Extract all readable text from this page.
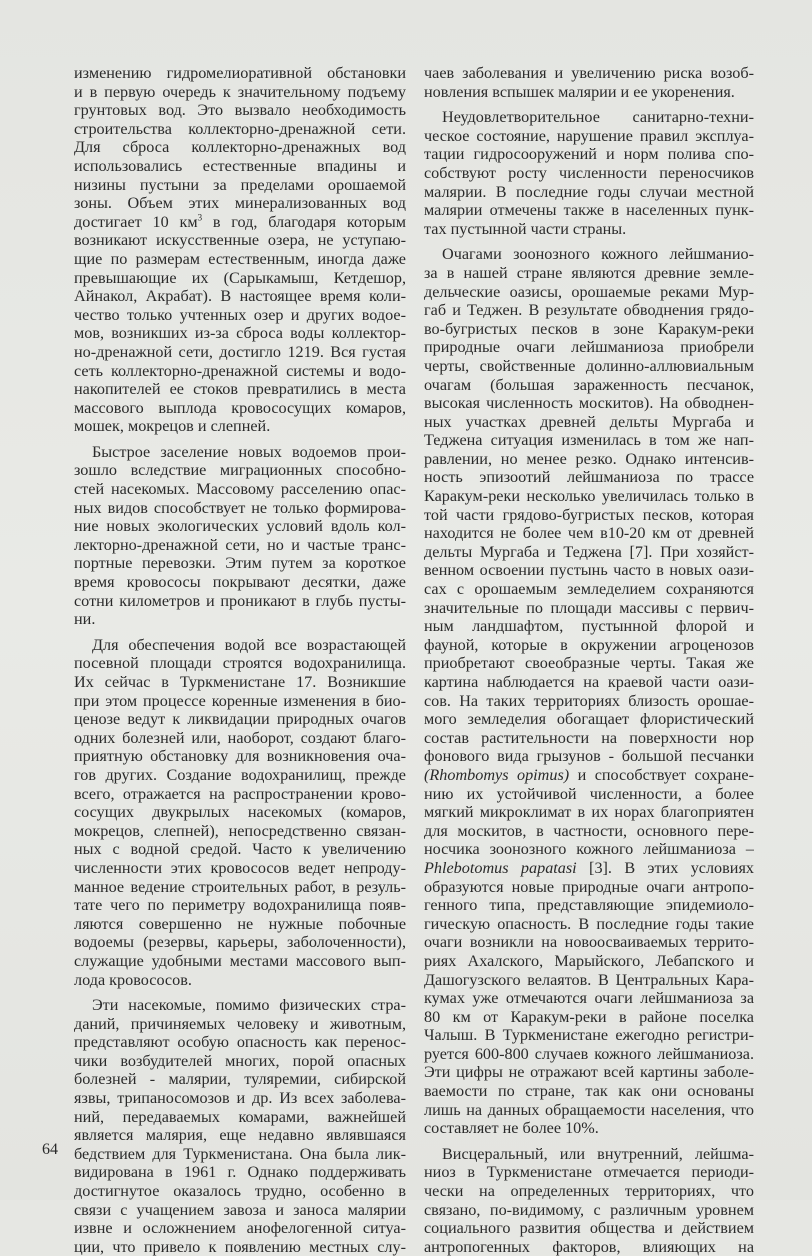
изменению гидромелиоративной обстановки
и в первую очередь к значительному подъему
грунтовых вод. Это вызвало необходимость
строительства коллекторно-дренажной сети.
Для сброса коллекторно-дренажных вод
использовались естественные впадины и
низины пустыни за пределами орошаемой
зоны. Объем этих минерализованных вод
достигает 10 $км^3$ в год, благодаря которым
возникают искусственные озера, не уступаю-
щие по размерам естественным, иногда даже
превышающие их (Сарыкамыш, Кетдешор,
Айнакол, Акрабат). В настоящее время коли-
чество только учтенных озер и других водое-
мов, возникших из-за сброса воды коллектор-
но-дренажной сети, достигло 1219. Вся густая
сеть коллекторно-дренажной системы и водо-
накопителей ее стоков превратились в места
массового выплода кровососущих комаров,
мошек, мокрецов и слепней.
Быстрое заселение новых водоемов прои-
зошло вследствие миграционных способно-
стей насекомых. Массовому расселению опас-
ных видов способствует не только формирова-
ние новых экологических условий вдоль кол-
лекторно-дренажной сети, но и частые транс-
портные перевозки. Этим путем за короткое
время кровососы покрывают десятки, даже
сотни километров и проникают в глубь пусты-
ни.
Для обеспечения водой все возрастающей
посевной площади строятся водохранилища.
Их сейчас в Туркменистане 17. Возникшие
при этом процессе коренные изменения в био-
ценозе ведут к ликвидации природных очагов
одних болезней или, наоборот, создают благо-
приятную обстановку для возникновения оча-
гов других. Создание водохранилищ, прежде
всего, отражается на распространении крово-
сосущих двукрылых насекомых (комаров,
мокрецов, слепней), непосредственно связан-
ных с водной средой. Часто к увеличению
численности этих кровососов ведет непроду-
манное ведение строительных работ, в резуль-
тате чего по периметру водохранилища появ-
ляются совершенно не нужные побочные
водоемы (резервы, карьеры, заболоченности),
служащие удобными местами массового вып-
лода кровососов.
Эти насекомые, помимо физических стра-
даний, причиняемых человеку и животным,
представляют особую опасность как перенос-
чики возбудителей многих, порой опасных
болезней - малярии, туляремии, сибирской
язвы, трипаносомозов и др. Из всех заболева-
ний, передаваемых комарами, важнейшей
является малярия, еще недавно являвшаяся
бедствием для Туркменистана. Она была лик-
видирована в 1961 г. Однако поддерживать
достигнутое оказалось трудно, особенно в
связи с учащением завоза и заноса малярии
извне и осложнением анофелогенной ситуа-
ции, что привело к появлению местных слу-
чаев заболевания и увеличению риска возоб-
новления вспышек малярии и ее укоренения.
Неудовлетворительное санитарно-техни-
ческое состояние, нарушение правил эксплуа-
тации гидросооружений и норм полива спо-
собствуют росту численности переносчиков
малярии. В последние годы случаи местной
малярии отмечены также в населенных пунк-
тах пустынной части страны.
Очагами зоонозного кожного лейшманио-
за в нашей стране являются древние земле-
дельческие оазисы, орошаемые реками Мур-
габ и Теджен. В результате обводнения грядо-
во-бугристых песков в зоне Каракум-реки
природные очаги лейшманиоза приобрели
черты, свойственные долинно-аллювиальным
очагам (большая зараженность песчанок,
высокая численность москитов). На обводнен-
ных участках древней дельты Мургаба и
Теджена ситуация изменилась в том же нап-
равлении, но менее резко. Однако интенсив-
ность эпизоотий лейшманиоза по трассе
Каракум-реки несколько увеличилась только в
той части грядово-бугристых песков, которая
находится не более чем в10-20 км от древней
дельты Мургаба и Теджена [7]. При хозяйст-
венном освоении пустынь часто в новых оази-
сах с орошаемым земледелием сохраняются
значительные по площади массивы с первич-
ным ландшафтом, пустынной флорой и
фауной, которые в окружении агроценозов
приобретают своеобразные черты. Такая же
картина наблюдается на краевой части оази-
сов. На таких территориях близость орошае-
мого земледелия обогащает флористический
состав растительности на поверхности нор
фонового вида грызунов - большой песчанки
(Rhombomys opimus) и способствует сохране-
нию их устойчивой численности, а более
мягкий микроклимат в их норах благоприятен
для москитов, в частности, основного пере-
носчика зоонозного кожного лейшманиоза –
Phlebotomus papatasi [3]. В этих условиях
образуются новые природные очаги антропо-
генного типа, представляющие эпидемиоло-
гическую опасность. В последние годы такие
очаги возникли на новоосваиваемых террито-
риях Ахалского, Марыйского, Лебапского и
Дашогузского велаятов. В Центральных Кара-
кумах уже отмечаются очаги лейшманиоза за
80 км от Каракум-реки в районе поселка
Чалыш. В Туркменистане ежегодно регистри-
руется 600-800 случаев кожного лейшманиоза.
Эти цифры не отражают всей картины заболе-
ваемости по стране, так как они основаны
лишь на данных обращаемости населения, что
составляет не более 10%.
Висцеральный, или внутренний, лейшма-
ниоз в Туркменистане отмечается периоди-
чески на определенных территориях, что
связано, по-видимому, с различным уровнем
социального развития общества и действием
антропогенных факторов, влияющих на
64
